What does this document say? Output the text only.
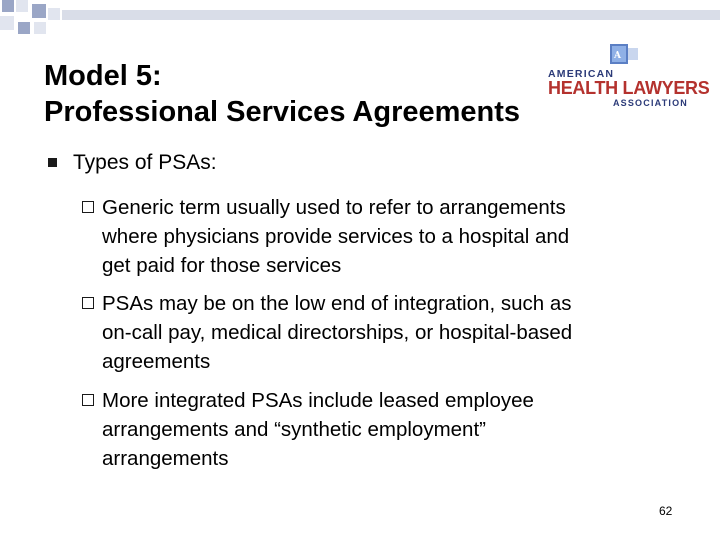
Model 5:
Professional Services Agreements
A
AMERICAN
HEALTH LAWYERS
ASSOCIATION
Types of PSAs:
Generic term usually used to refer to arrangements
where physicians provide services to a hospital and
get paid for those services
PSAs may be on the low end of integration, such as
on-call pay, medical directorships, or hospital-based
agreements
More integrated PSAs include leased employee
arrangements and “synthetic employment”
arrangements
62
